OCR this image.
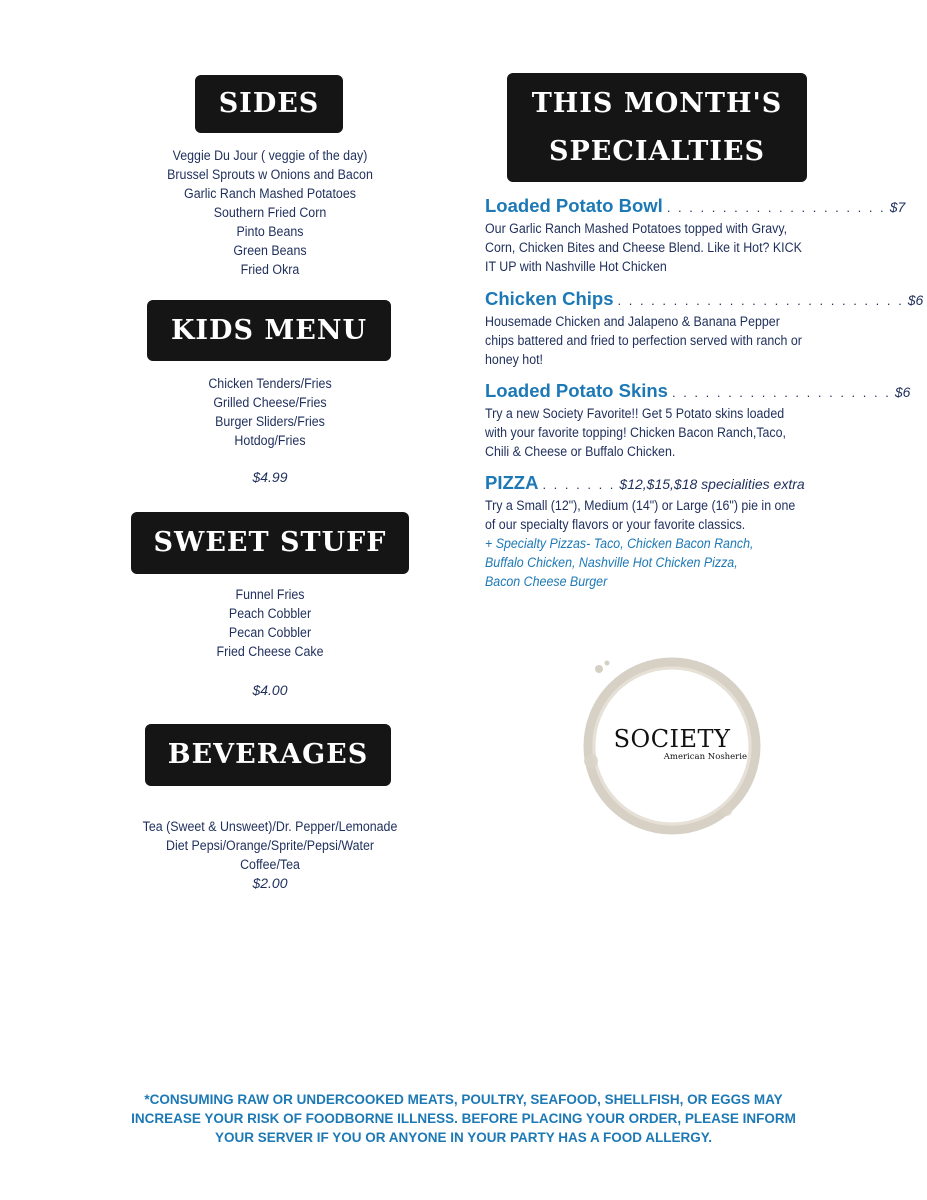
SIDES
Veggie Du Jour ( veggie of the day)
Brussel Sprouts w Onions and Bacon
Garlic Ranch Mashed Potatoes
Southern Fried Corn
Pinto Beans
Green Beans
Fried Okra
KIDS MENU
Chicken Tenders/Fries
Grilled Cheese/Fries
Burger Sliders/Fries
Hotdog/Fries
$4.99
SWEET STUFF
Funnel Fries
Peach Cobbler
Pecan Cobbler
Fried Cheese Cake
$4.00
BEVERAGES
Tea (Sweet & Unsweet)/Dr. Pepper/Lemonade
Diet Pepsi/Orange/Sprite/Pepsi/Water
Coffee/Tea
$2.00
THIS MONTH'S
SPECIALTIES
Loaded Potato Bowl . . . . . . . . . . . . . . . . . . . . $7
Our Garlic Ranch Mashed Potatoes topped with Gravy, Corn, Chicken Bites and Cheese Blend. Like it Hot? KICK IT UP with Nashville Hot Chicken
Chicken Chips . . . . . . . . . . . . . . . . . . . . . . . . . . $6
Housemade Chicken and Jalapeno & Banana Pepper chips battered and fried to perfection served with ranch or honey hot!
Loaded Potato Skins . . . . . . . . . . . . . . . . . . . . $6
Try a new Society Favorite!! Get 5 Potato skins loaded with your favorite topping! Chicken Bacon Ranch,Taco, Chili & Cheese or Buffalo Chicken.
PIZZA . . . . . . . $12,$15,$18 specialities extra
Try a Small (12"), Medium (14") or Large (16") pie in one of our specialty flavors or your favorite classics.
+ Specialty Pizzas- Taco, Chicken Bacon Ranch, Buffalo Chicken, Nashville Hot Chicken Pizza, Bacon Cheese Burger
SOCIETY
American Nosherie
*CONSUMING RAW OR UNDERCOOKED MEATS, POULTRY, SEAFOOD, SHELLFISH, OR EGGS MAY INCREASE YOUR RISK OF FOODBORNE ILLNESS. BEFORE PLACING YOUR ORDER, PLEASE INFORM YOUR SERVER IF YOU OR ANYONE IN YOUR PARTY HAS A FOOD ALLERGY.
